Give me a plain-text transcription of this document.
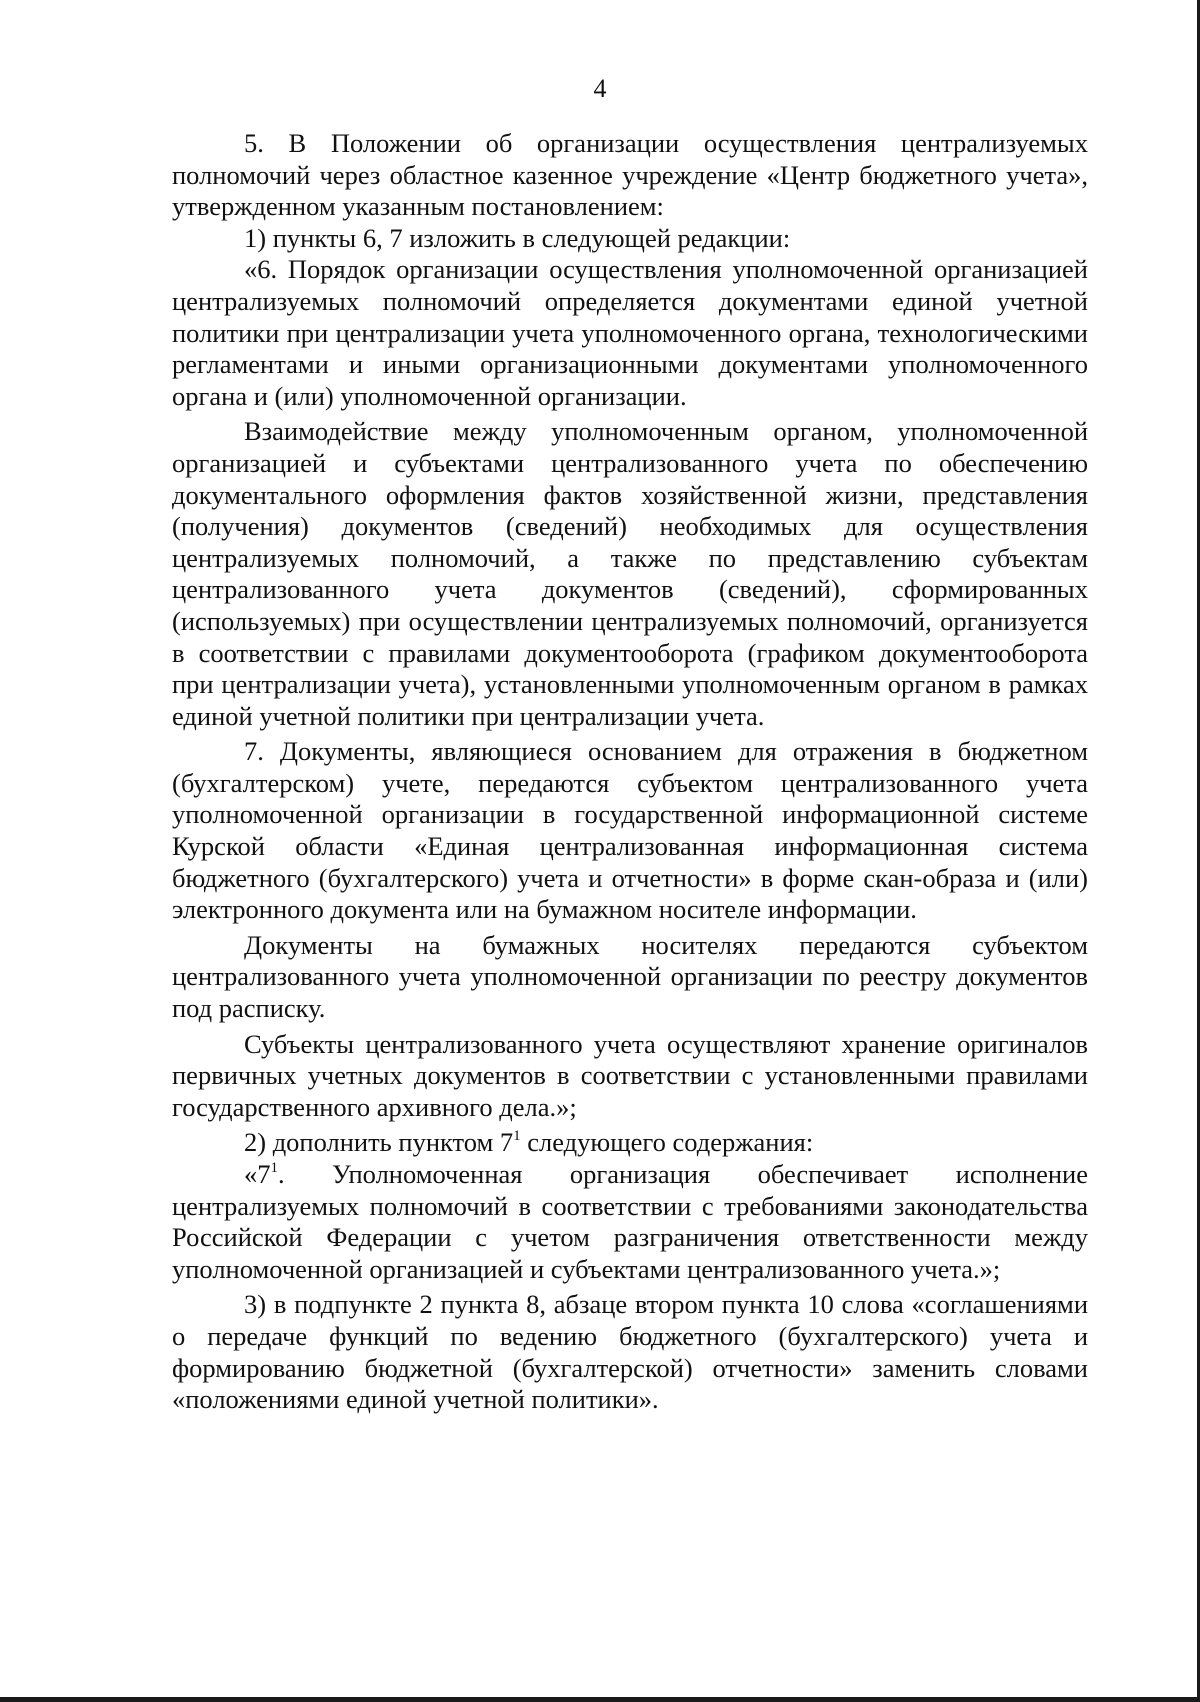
4

5. В Положении об организации осуществления централизуемых полномочий через областное казенное учреждение «Центр бюджетного учета», утвержденном указанным постановлением:

1) пункты 6, 7 изложить в следующей редакции:

«6. Порядок организации осуществления уполномоченной организацией централизуемых полномочий определяется документами единой учетной политики при централизации учета уполномоченного органа, технологическими регламентами и иными организационными документами уполномоченного органа и (или) уполномоченной организации.

Взаимодействие между уполномоченным органом, уполномоченной организацией и субъектами централизованного учета по обеспечению документального оформления фактов хозяйственной жизни, представления (получения) документов (сведений) необходимых для осуществления централизуемых полномочий, а также по представлению субъектам централизованного учета документов (сведений), сформированных (используемых) при осуществлении централизуемых полномочий, организуется в соответствии с правилами документооборота (графиком документооборота при централизации учета), установленными уполномоченным органом в рамках единой учетной политики при централизации учета.

7. Документы, являющиеся основанием для отражения в бюджетном (бухгалтерском) учете, передаются субъектом централизованного учета уполномоченной организации в государственной информационной системе Курской области «Единая централизованная информационная система бюджетного (бухгалтерского) учета и отчетности» в форме скан-образа и (или) электронного документа или на бумажном носителе информации.

Документы на бумажных носителях передаются субъектом централизованного учета уполномоченной организации по реестру документов под расписку.

Субъекты централизованного учета осуществляют хранение оригиналов первичных учетных документов в соответствии с установленными правилами государственного архивного дела.»;

2) дополнить пунктом $7^1$ следующего содержания:

«$7^1$. Уполномоченная организация обеспечивает исполнение централизуемых полномочий в соответствии с требованиями законодательства Российской Федерации с учетом разграничения ответственности между уполномоченной организацией и субъектами централизованного учета.»;

3) в подпункте 2 пункта 8, абзаце втором пункта 10 слова «соглашениями о передаче функций по ведению бюджетного (бухгалтерского) учета и формированию бюджетной (бухгалтерской) отчетности» заменить словами «положениями единой учетной политики».
